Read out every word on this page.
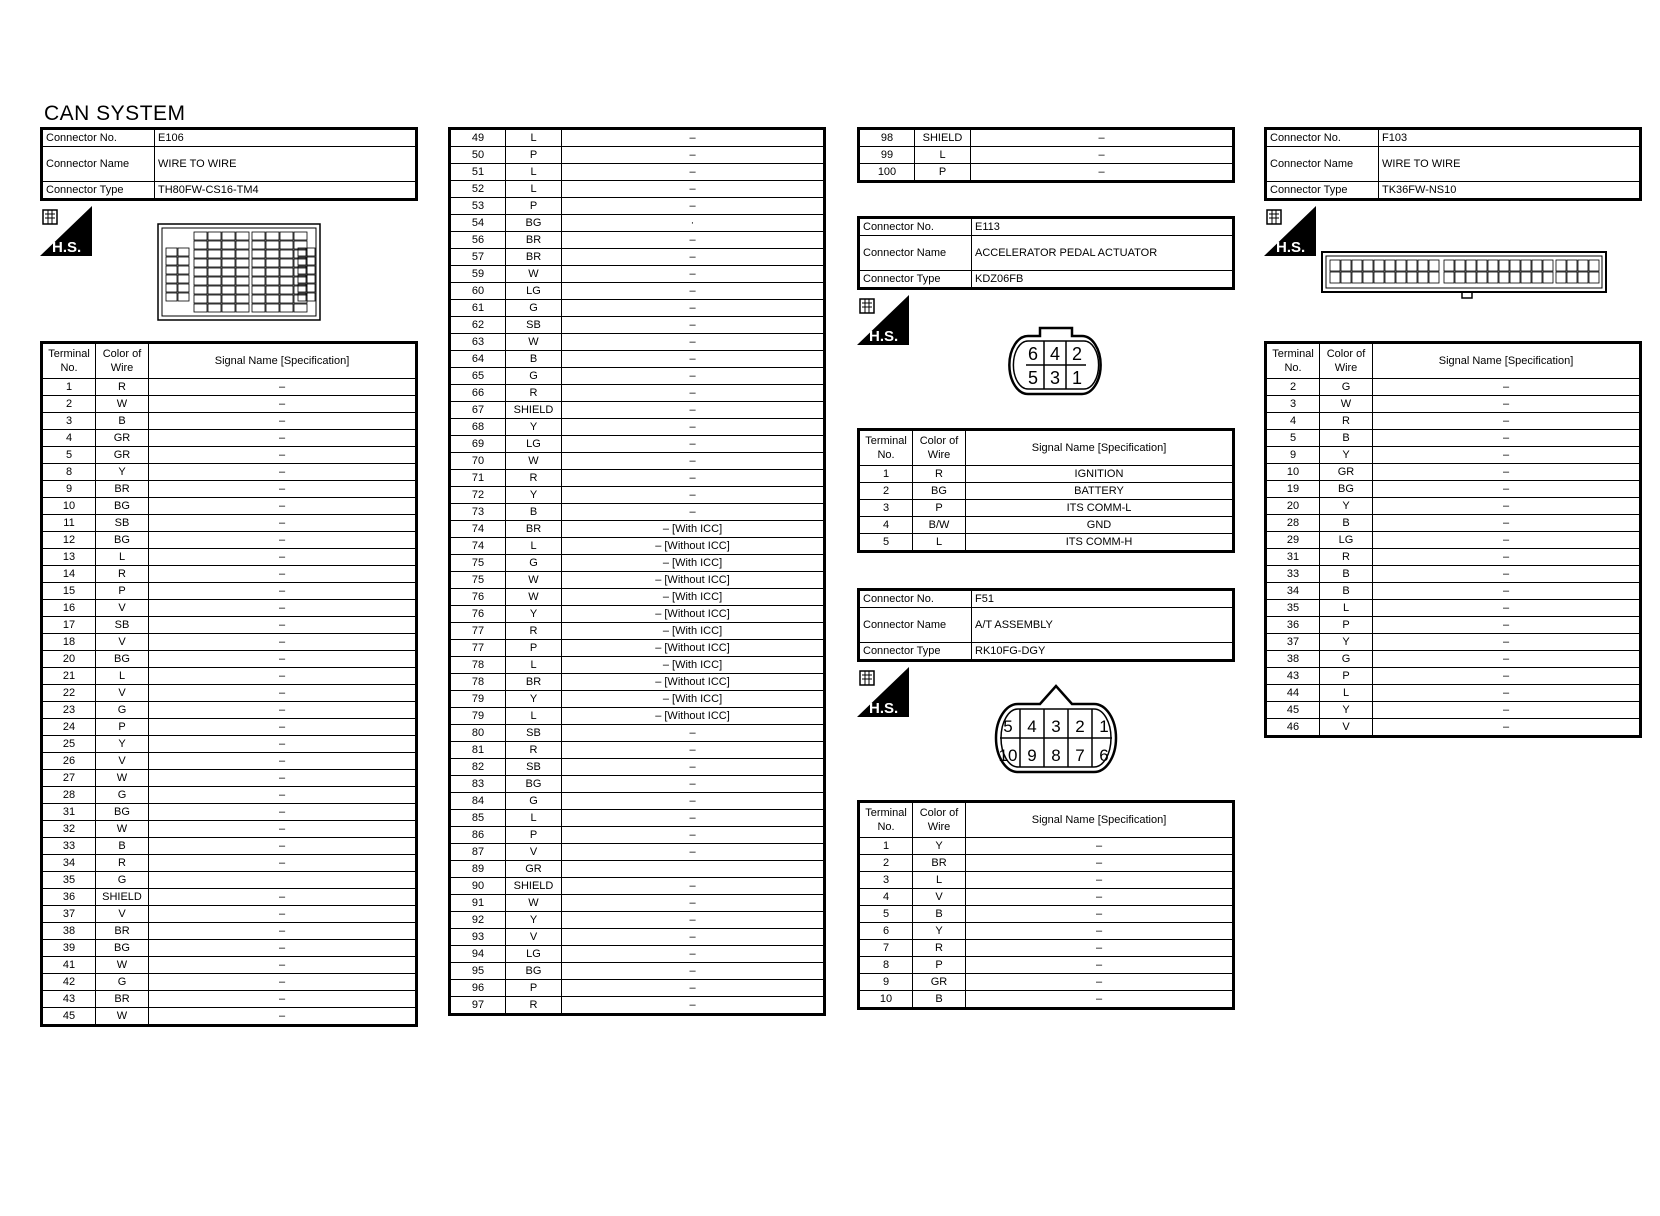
CAN SYSTEM
Connector No.	E106
Connector Name	WIRE TO WIRE
Connector Type	TH80FW-CS16-TM4
H.S.
Terminal No.	Color of Wire	Signal Name [Specification]
1	R	–
2	W	–
3	B	–
4	GR	–
5	GR	–
8	Y	–
9	BR	–
10	BG	–
11	SB	–
12	BG	–
13	L	–
14	R	–
15	P	–
16	V	–
17	SB	–
18	V	–
20	BG	–
21	L	–
22	V	–
23	G	–
24	P	–
25	Y	–
26	V	–
27	W	–
28	G	–
31	BG	–
32	W	–
33	B	–
34	R	–
35	G	
36	SHIELD	–
37	V	–
38	BR	–
39	BG	–
41	W	–
42	G	–
43	BR	–
45	W	–
49	L	–
50	P	–
51	L	–
52	L	–
53	P	–
54	BG	·
56	BR	–
57	BR	–
59	W	–
60	LG	–
61	G	–
62	SB	–
63	W	–
64	B	–
65	G	–
66	R	–
67	SHIELD	–
68	Y	–
69	LG	–
70	W	–
71	R	–
72	Y	–
73	B	–
74	BR	– [With ICC]
74	L	– [Without ICC]
75	G	– [With ICC]
75	W	– [Without ICC]
76	W	– [With ICC]
76	Y	– [Without ICC]
77	R	– [With ICC]
77	P	– [Without ICC]
78	L	– [With ICC]
78	BR	– [Without ICC]
79	Y	– [With ICC]
79	L	– [Without ICC]
80	SB	–
81	R	–
82	SB	–
83	BG	–
84	G	–
85	L	–
86	P	–
87	V	–
89	GR	
90	SHIELD	–
91	W	–
92	Y	–
93	V	–
94	LG	–
95	BG	–
96	P	–
97	R	–
98	SHIELD	–
99	L	–
100	P	–
Connector No.	E113
Connector Name	ACCELERATOR PEDAL ACTUATOR
Connector Type	KDZ06FB
H.S.
6 4 2
5 3 1
Terminal No.	Color of Wire	Signal Name [Specification]
1	R	IGNITION
2	BG	BATTERY
3	P	ITS COMM-L
4	B/W	GND
5	L	ITS COMM-H
Connector No.	F51
Connector Name	A/T ASSEMBLY
Connector Type	RK10FG-DGY
H.S.
5 4 3 2 1
10 9 8 7 6
Terminal No.	Color of Wire	Signal Name [Specification]
1	Y	–
2	BR	–
3	L	–
4	V	–
5	B	–
6	Y	–
7	R	–
8	P	–
9	GR	–
10	B	–
Connector No.	F103
Connector Name	WIRE TO WIRE
Connector Type	TK36FW-NS10
H.S.
Terminal No.	Color of Wire	Signal Name [Specification]
2	G	–
3	W	–
4	R	–
5	B	–
9	Y	–
10	GR	–
19	BG	–
20	Y	–
28	B	–
29	LG	–
31	R	–
33	B	–
34	B	–
35	L	–
36	P	–
37	Y	–
38	G	–
43	P	–
44	L	–
45	Y	–
46	V	–
